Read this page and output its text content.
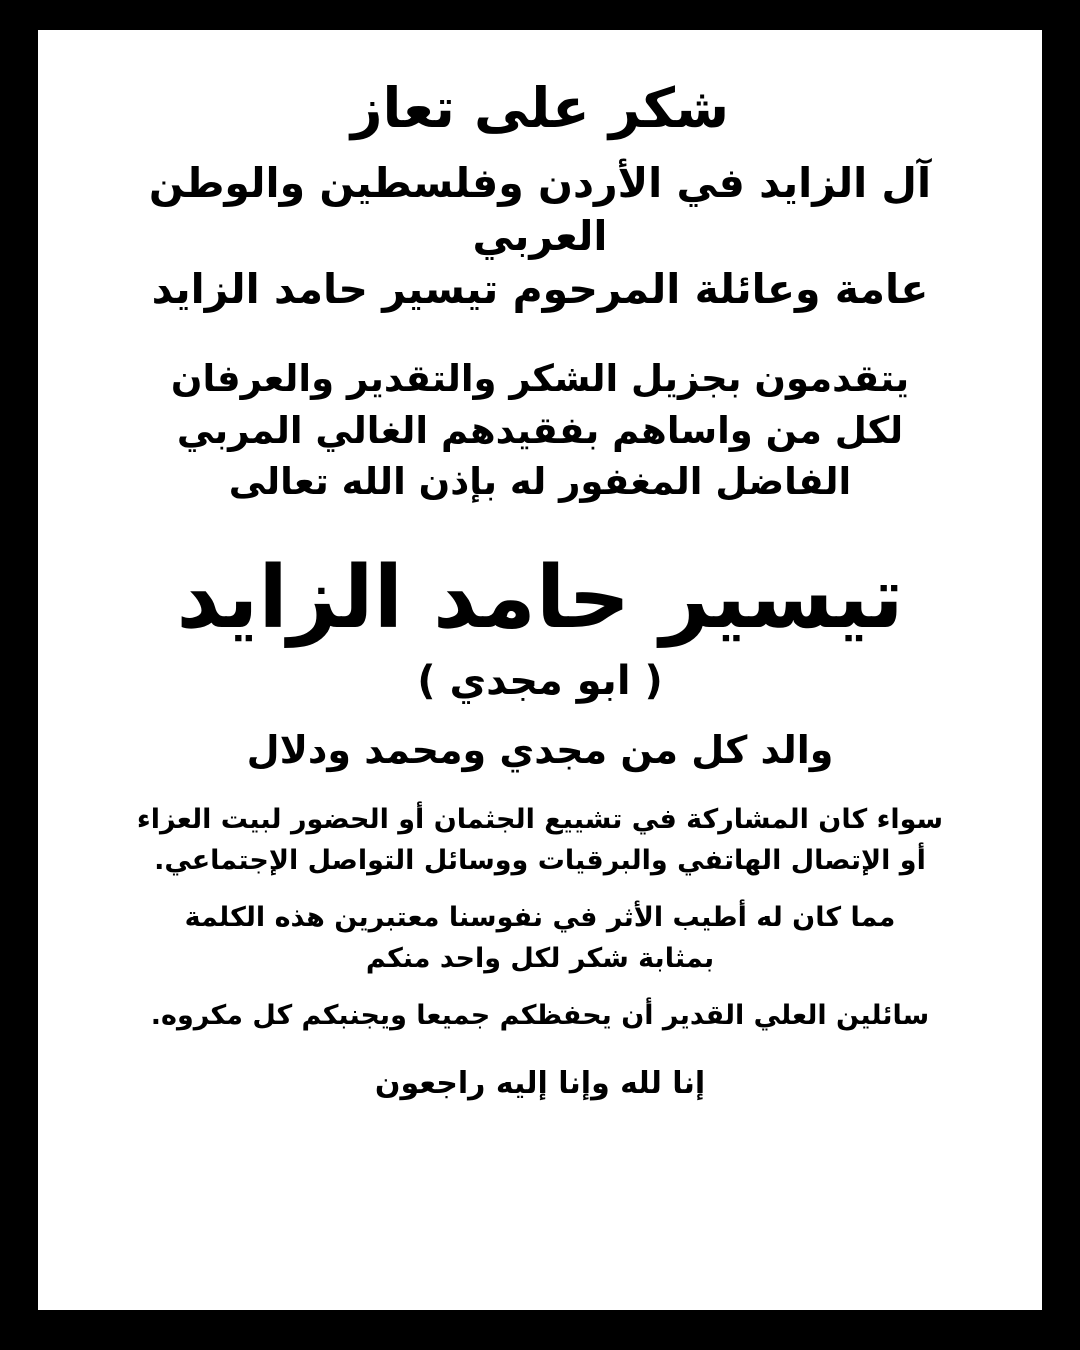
شكر على تعاز
آل الزايد في الأردن وفلسطين والوطن العربي
عامة وعائلة المرحوم تيسير حامد الزايد
يتقدمون بجزيل الشكر والتقدير والعرفان
لكل من واساهم بفقيدهم الغالي المربي
الفاضل المغفور له بإذن الله تعالى
تيسير حامد الزايد
( ابو مجدي )
والد كل من مجدي ومحمد ودلال
سواء كان المشاركة في تشييع الجثمان أو الحضور لبيت العزاء
أو الإتصال الهاتفي والبرقيات ووسائل التواصل الإجتماعي.
مما كان له أطيب الأثر في نفوسنا معتبرين هذه الكلمة
بمثابة شكر لكل واحد منكم
سائلين العلي القدير أن يحفظكم جميعا ويجنبكم كل مكروه.
إنا لله وإنا إليه راجعون
